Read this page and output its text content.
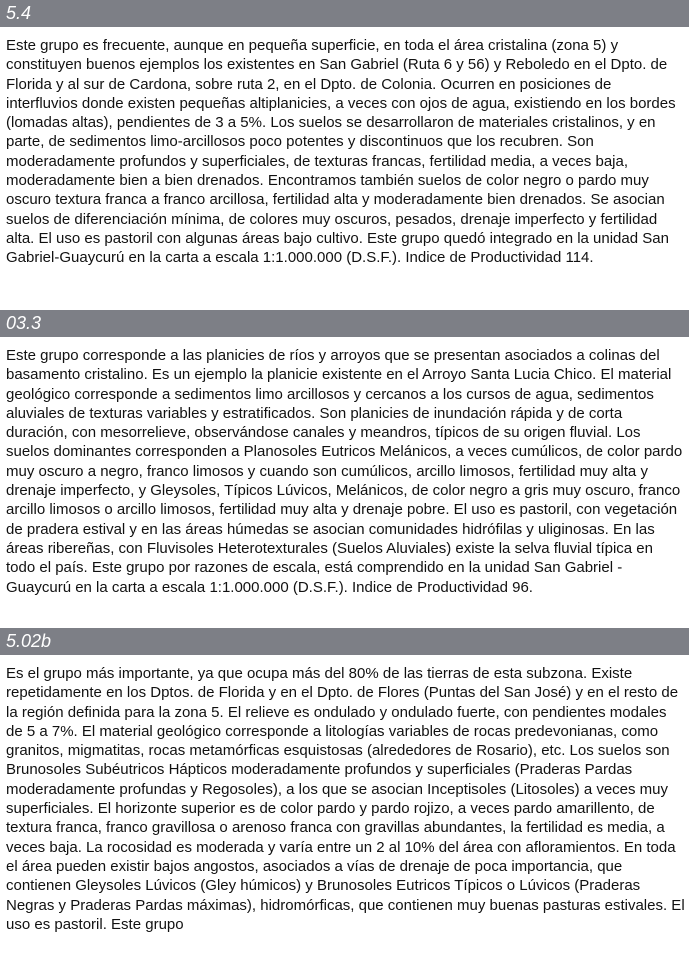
5.4

Este grupo es frecuente, aunque en pequeña superficie, en toda el área cristalina (zona 5) y constituyen buenos ejemplos los existentes en San Gabriel (Ruta 6 y 56) y Reboledo en el Dpto. de Florida y al sur de Cardona, sobre ruta 2, en el Dpto. de Colonia. Ocurren en posiciones de interfluvios donde existen pequeñas altiplanicies, a veces con ojos de agua, existiendo en los bordes (lomadas altas), pendientes de 3 a 5%. Los suelos se desarrollaron de materiales cristalinos, y en parte, de sedimentos limo-arcillosos poco potentes y discontinuos que los recubren. Son moderadamente profundos y superficiales, de texturas francas, fertilidad media, a veces baja, moderadamente bien a bien drenados. Encontramos también suelos de color negro o pardo muy oscuro textura franca a franco arcillosa, fertilidad alta y moderadamente bien drenados. Se asocian suelos de diferenciación mínima, de colores muy oscuros, pesados, drenaje imperfecto y fertilidad alta. El uso es pastoril con algunas áreas bajo cultivo. Este grupo quedó integrado en la unidad San Gabriel-Guaycurú en la carta a escala 1:1.000.000 (D.S.F.). Indice de Productividad 114.

03.3

Este grupo corresponde a las planicies de ríos y arroyos que se presentan asociados a colinas del basamento cristalino. Es un ejemplo la planicie existente en el Arroyo Santa Lucia Chico. El material geológico corresponde a sedimentos limo arcillosos y cercanos a los cursos de agua, sedimentos aluviales de texturas variables y estratificados. Son planicies de inundación rápida y de corta duración, con mesorrelieve, observándose canales y meandros, típicos de su origen fluvial. Los suelos dominantes corresponden a Planosoles Eutricos Melánicos, a veces cumúlicos, de color pardo muy oscuro a negro, franco limosos y cuando son cumúlicos, arcillo limosos, fertilidad muy alta y drenaje imperfecto, y Gleysoles, Típicos Lúvicos, Melánicos, de color negro a gris muy oscuro, franco arcillo limosos o arcillo limosos, fertilidad muy alta y drenaje pobre. El uso es pastoril, con vegetación de pradera estival y en las áreas húmedas se asocian comunidades hidrófilas y uliginosas. En las áreas ribereñas, con Fluvisoles Heterotexturales (Suelos Aluviales) existe la selva fluvial típica en todo el país. Este grupo por razones de escala, está comprendido en la unidad San Gabriel - Guaycurú en la carta a escala 1:1.000.000 (D.S.F.). Indice de Productividad 96.

5.02b

Es el grupo más importante, ya que ocupa más del 80% de las tierras de esta subzona. Existe repetidamente en los Dptos. de Florida y en el Dpto. de Flores (Puntas del San José) y en el resto de la región definida para la zona 5. El relieve es ondulado y ondulado fuerte, con pendientes modales de 5 a 7%. El material geológico corresponde a litologías variables de rocas predevonianas, como granitos, migmatitas, rocas metamórficas esquistosas (alrededores de Rosario), etc. Los suelos son Brunosoles Subéutricos Hápticos moderadamente profundos y superficiales (Praderas Pardas moderadamente profundas y Regosoles), a los que se asocian Inceptisoles (Litosoles) a veces muy superficiales. El horizonte superior es de color pardo y pardo rojizo, a veces pardo amarillento, de textura franca, franco gravillosa o arenoso franca con gravillas abundantes, la fertilidad es media, a veces baja. La rocosidad es moderada y varía entre un 2 al 10% del área con afloramientos. En toda el área pueden existir bajos angostos, asociados a vías de drenaje de poca importancia, que contienen Gleysoles Lúvicos (Gley húmicos) y Brunosoles Eutricos Típicos o Lúvicos (Praderas Negras y Praderas Pardas máximas), hidromórficas, que contienen muy buenas pasturas estivales. El uso es pastoril. Este grupo
